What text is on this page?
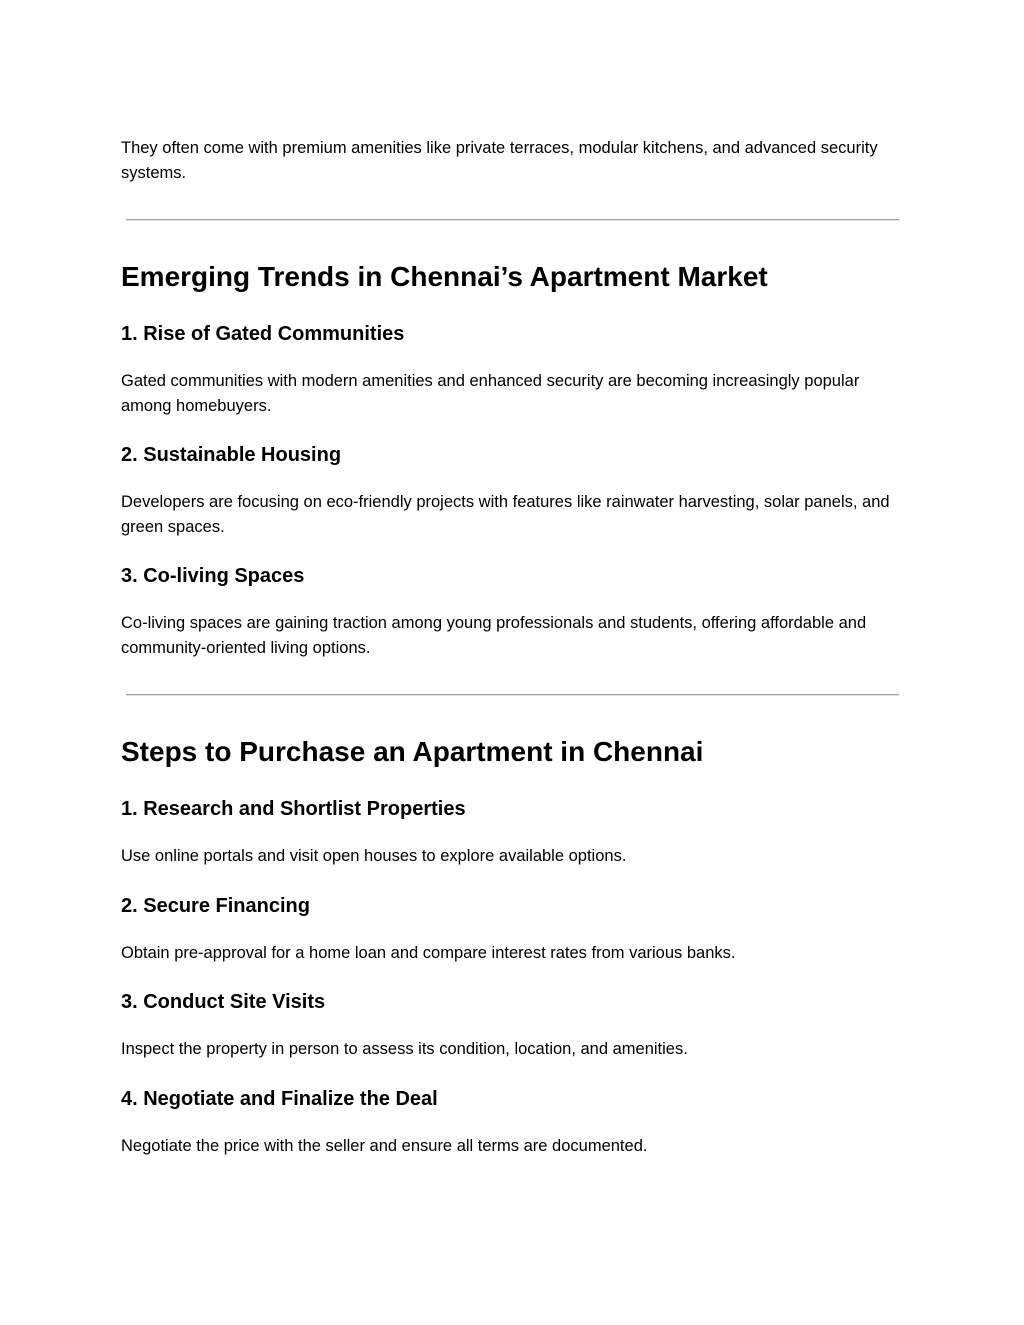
They often come with premium amenities like private terraces, modular kitchens, and advanced security systems.

Emerging Trends in Chennai’s Apartment Market
1. Rise of Gated Communities

Gated communities with modern amenities and enhanced security are becoming increasingly popular among homebuyers.

2. Sustainable Housing

Developers are focusing on eco-friendly projects with features like rainwater harvesting, solar panels, and green spaces.

3. Co-living Spaces

Co-living spaces are gaining traction among young professionals and students, offering affordable and community-oriented living options.

Steps to Purchase an Apartment in Chennai
1. Research and Shortlist Properties

Use online portals and visit open houses to explore available options.

2. Secure Financing

Obtain pre-approval for a home loan and compare interest rates from various banks.

3. Conduct Site Visits

Inspect the property in person to assess its condition, location, and amenities.

4. Negotiate and Finalize the Deal

Negotiate the price with the seller and ensure all terms are documented.
